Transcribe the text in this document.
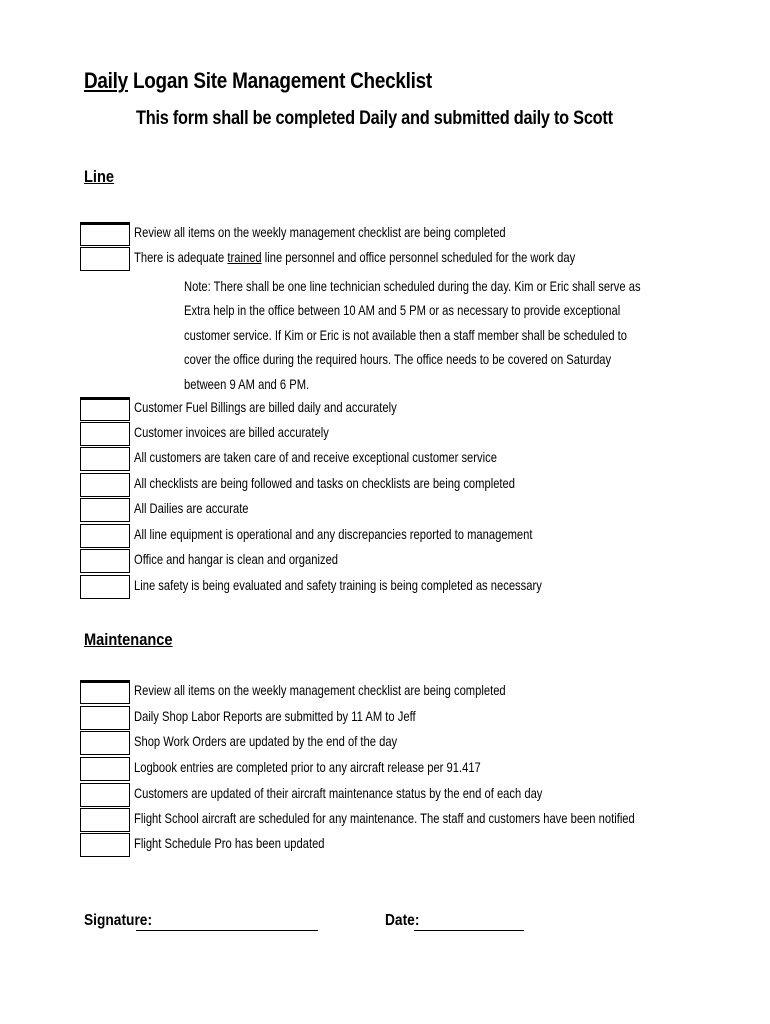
Daily Logan Site Management Checklist
This form shall be completed Daily and submitted daily to Scott
Line
Review all items on the weekly management checklist are being completed
There is adequate trained line personnel and office personnel scheduled for the work day
Note: There shall be one line technician scheduled during the day. Kim or Eric shall serve as
Extra help in the office between 10 AM and 5 PM or as necessary to provide exceptional
customer service. If Kim or Eric is not available then a staff member shall be scheduled to
cover the office during the required hours. The office needs to be covered on Saturday
between 9 AM and 6 PM.
Customer Fuel Billings are billed daily and accurately
Customer invoices are billed accurately
All customers are taken care of and receive exceptional customer service
All checklists are being followed and tasks on checklists are being completed
All Dailies are accurate
All line equipment is operational and any discrepancies reported to management
Office and hangar is clean and organized
Line safety is being evaluated and safety training is being completed as necessary
Maintenance
Review all items on the weekly management checklist are being completed
Daily Shop Labor Reports are submitted by 11 AM to Jeff
Shop Work Orders are updated by the end of the day
Logbook entries are completed prior to any aircraft release per 91.417
Customers are updated of their aircraft maintenance status by the end of each day
Flight School aircraft are scheduled for any maintenance. The staff and customers have been notified
Flight Schedule Pro has been updated
Signature:	Date:
